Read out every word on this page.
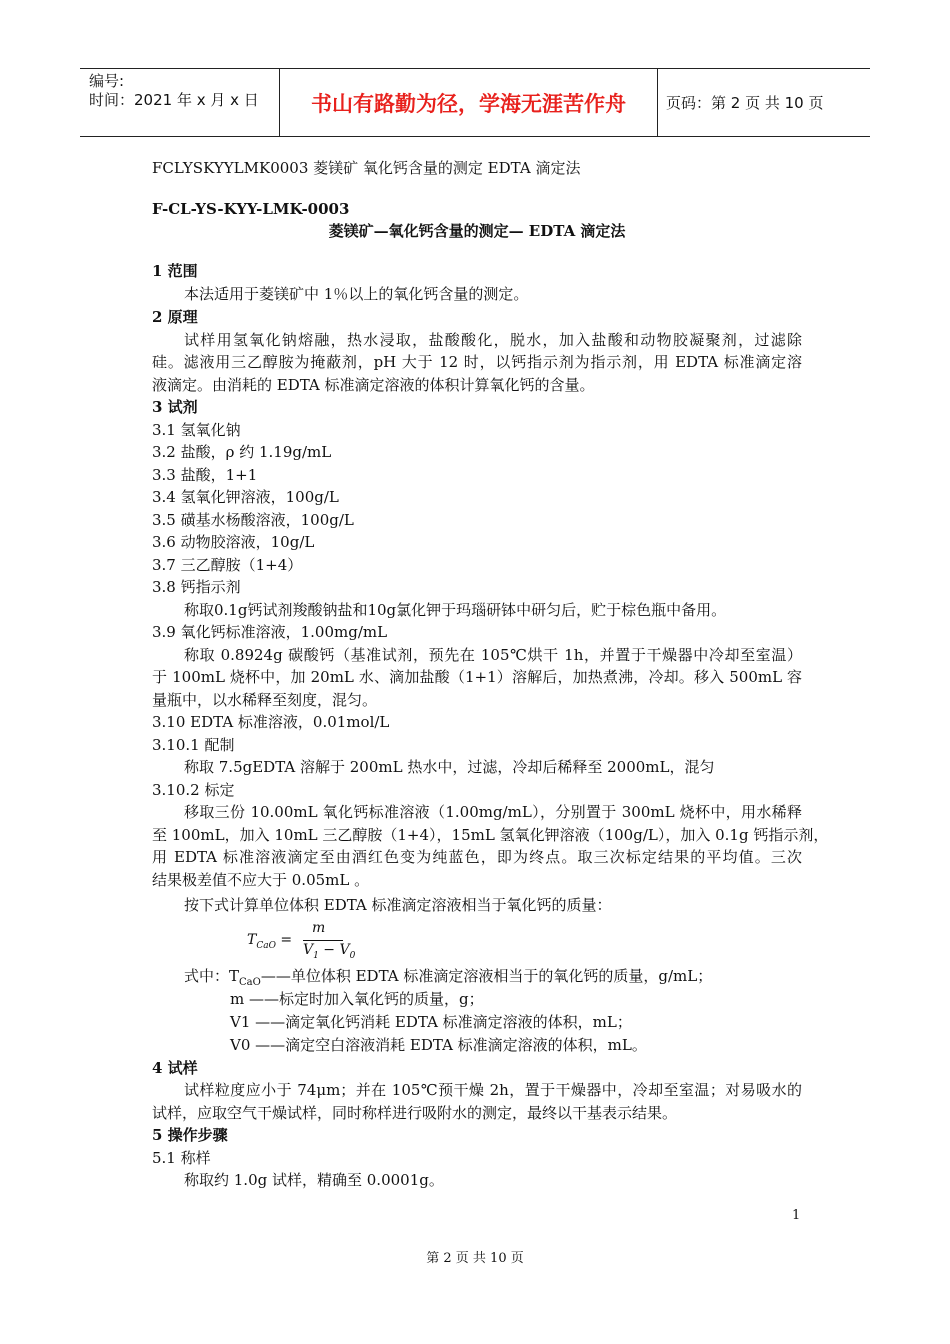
编号:
时间：2021 年 x 月 x 日	书山有路勤为径，学海无涯苦作舟	页码：第 2 页 共 10 页
FCLYSKYYLMK0003 菱镁矿 氧化钙含量的测定 EDTA 滴定法
F-CL-YS-KYY-LMK-0003
菱镁矿—氧化钙含量的测定— EDTA 滴定法
1 范围
本法适用于菱镁矿中 1％以上的氧化钙含量的测定。
2 原理
试样用氢氧化钠熔融，热水浸取，盐酸酸化，脱水，加入盐酸和动物胶凝聚剂，过滤除
硅。滤液用三乙醇胺为掩蔽剂，pH 大于 12 时，以钙指示剂为指示剂，用 EDTA 标准滴定溶
液滴定。由消耗的 EDTA 标准滴定溶液的体积计算氧化钙的含量。
3 试剂
3.1 氢氧化钠
3.2 盐酸，ρ 约 1.19g/mL
3.3 盐酸，1+1
3.4 氢氧化钾溶液，100g/L
3.5 磺基水杨酸溶液，100g/L
3.6 动物胶溶液，10g/L
3.7 三乙醇胺（1+4）
3.8 钙指示剂
称取0.1g钙试剂羧酸钠盐和10g氯化钾于玛瑙研钵中研匀后，贮于棕色瓶中备用。
3.9 氧化钙标准溶液，1.00mg/mL
称取 0.8924g 碳酸钙（基准试剂，预先在 105℃烘干 1h，并置于干燥器中冷却至室温）
于 100mL 烧杯中，加 20mL 水、滴加盐酸（1+1）溶解后，加热煮沸，冷却。移入 500mL 容
量瓶中，以水稀释至刻度，混匀。
3.10 EDTA 标准溶液，0.01mol/L
3.10.1 配制
称取 7.5gEDTA 溶解于 200mL 热水中，过滤，冷却后稀释至 2000mL，混匀
3.10.2 标定
移取三份 10.00mL 氧化钙标准溶液（1.00mg/mL），分别置于 300mL 烧杯中，用水稀释
至 100mL，加入 10mL 三乙醇胺（1+4），15mL 氢氧化钾溶液（100g/L），加入 0.1g 钙指示剂，
用 EDTA 标准溶液滴定至由酒红色变为纯蓝色，即为终点。取三次标定结果的平均值。三次
结果极差值不应大于 0.05mL 。
按下式计算单位体积 EDTA 标准滴定溶液相当于氧化钙的质量：
式中：$T_{CaO}——$单位体积 EDTA 标准滴定溶液相当于的氧化钙的质量，g/mL；
m ——标定时加入氧化钙的质量，g；
V1 ——滴定氧化钙消耗 EDTA 标准滴定溶液的体积，mL；
V0 ——滴定空白溶液消耗 EDTA 标准滴定溶液的体积，mL。
4 试样
试样粒度应小于 74μm；并在 105℃预干燥 2h，置于干燥器中，冷却至室温；对易吸水的
试样，应取空气干燥试样，同时称样进行吸附水的测定，最终以干基表示结果。
5 操作步骤
5.1 称样
称取约 1.0g 试样，精确至 0.0001g。
$T_{CaO}$ =
m
$V_1 - V_0$
1
第 2 页 共 10 页
